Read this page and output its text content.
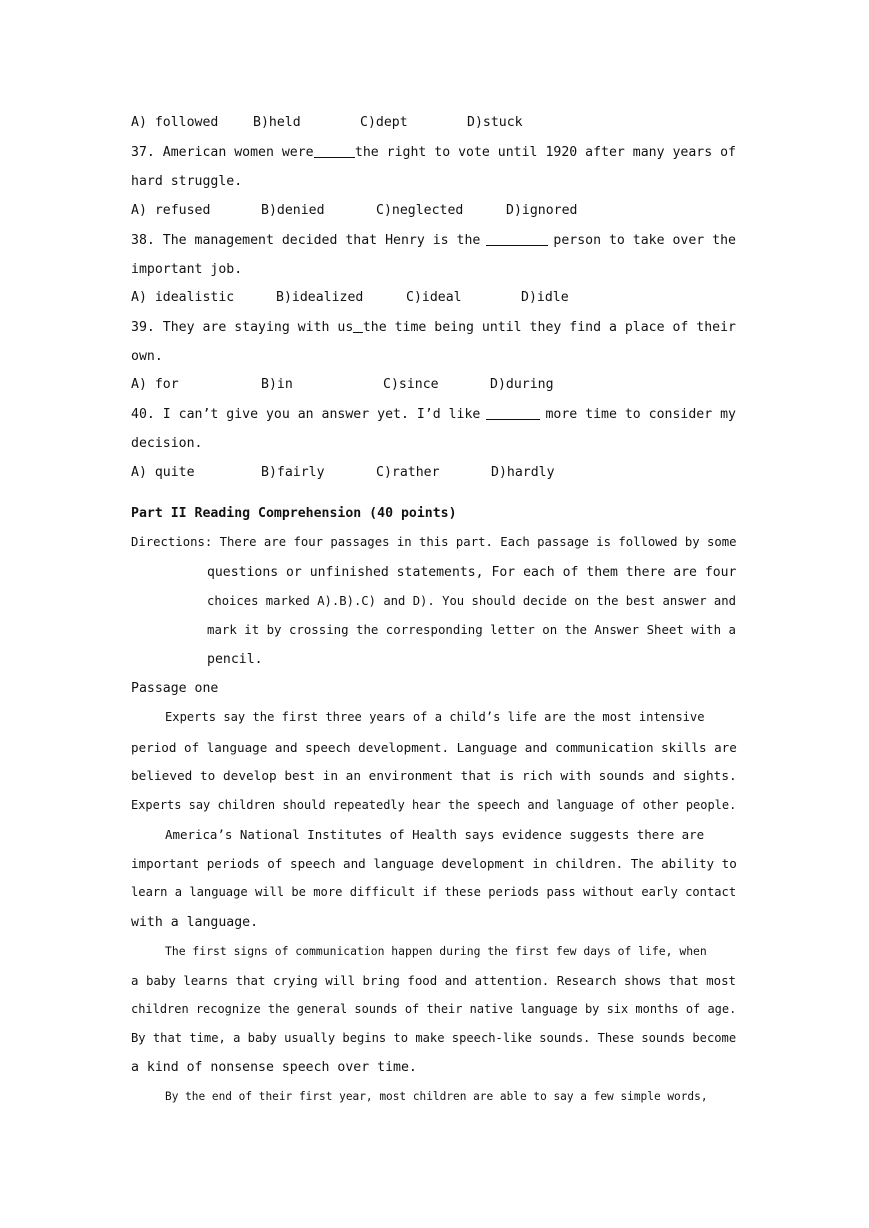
A) followed	B)held	C)dept	D)stuck
37. American women were	the right to vote until 1920 after many years of
hard struggle.
A) refused	B)denied	C)neglected	D)ignored
38. The management decided that Henry is the	person to take over the
important job.
A) idealistic	B)idealized	C)ideal	D)idle
39. They are staying with us the time being until they find a place of their
own.
A) for	B)in	C)since	D)during
40. I can’t give you an answer yet. I’d like	more time to consider my
decision.
A) quite	B)fairly	C)rather	D)hardly
Part II Reading Comprehension (40 points)
Directions: There are four passages in this part. Each passage is followed by some
questions or unfinished statements, For each of them there are four
choices marked A).B).C) and D). You should decide on the best answer and
mark it by crossing the corresponding letter on the Answer Sheet with a
pencil.
Passage one
Experts say the first three years of a child’s life are the most intensive
period of language and speech development. Language and communication skills are
believed to develop best in an environment that is rich with sounds and sights.
Experts say children should repeatedly hear the speech and language of other people.
America’s National Institutes of Health says evidence suggests there are
important periods of speech and language development in children. The ability to
learn a language will be more difficult if these periods pass without early contact
with a language.
The first signs of communication happen during the first few days of life, when
a baby learns that crying will bring food and attention. Research shows that most
children recognize the general sounds of their native language by six months of age.
By that time, a baby usually begins to make speech-like sounds. These sounds become
a kind of nonsense speech over time.
By the end of their first year, most children are able to say a few simple words,
